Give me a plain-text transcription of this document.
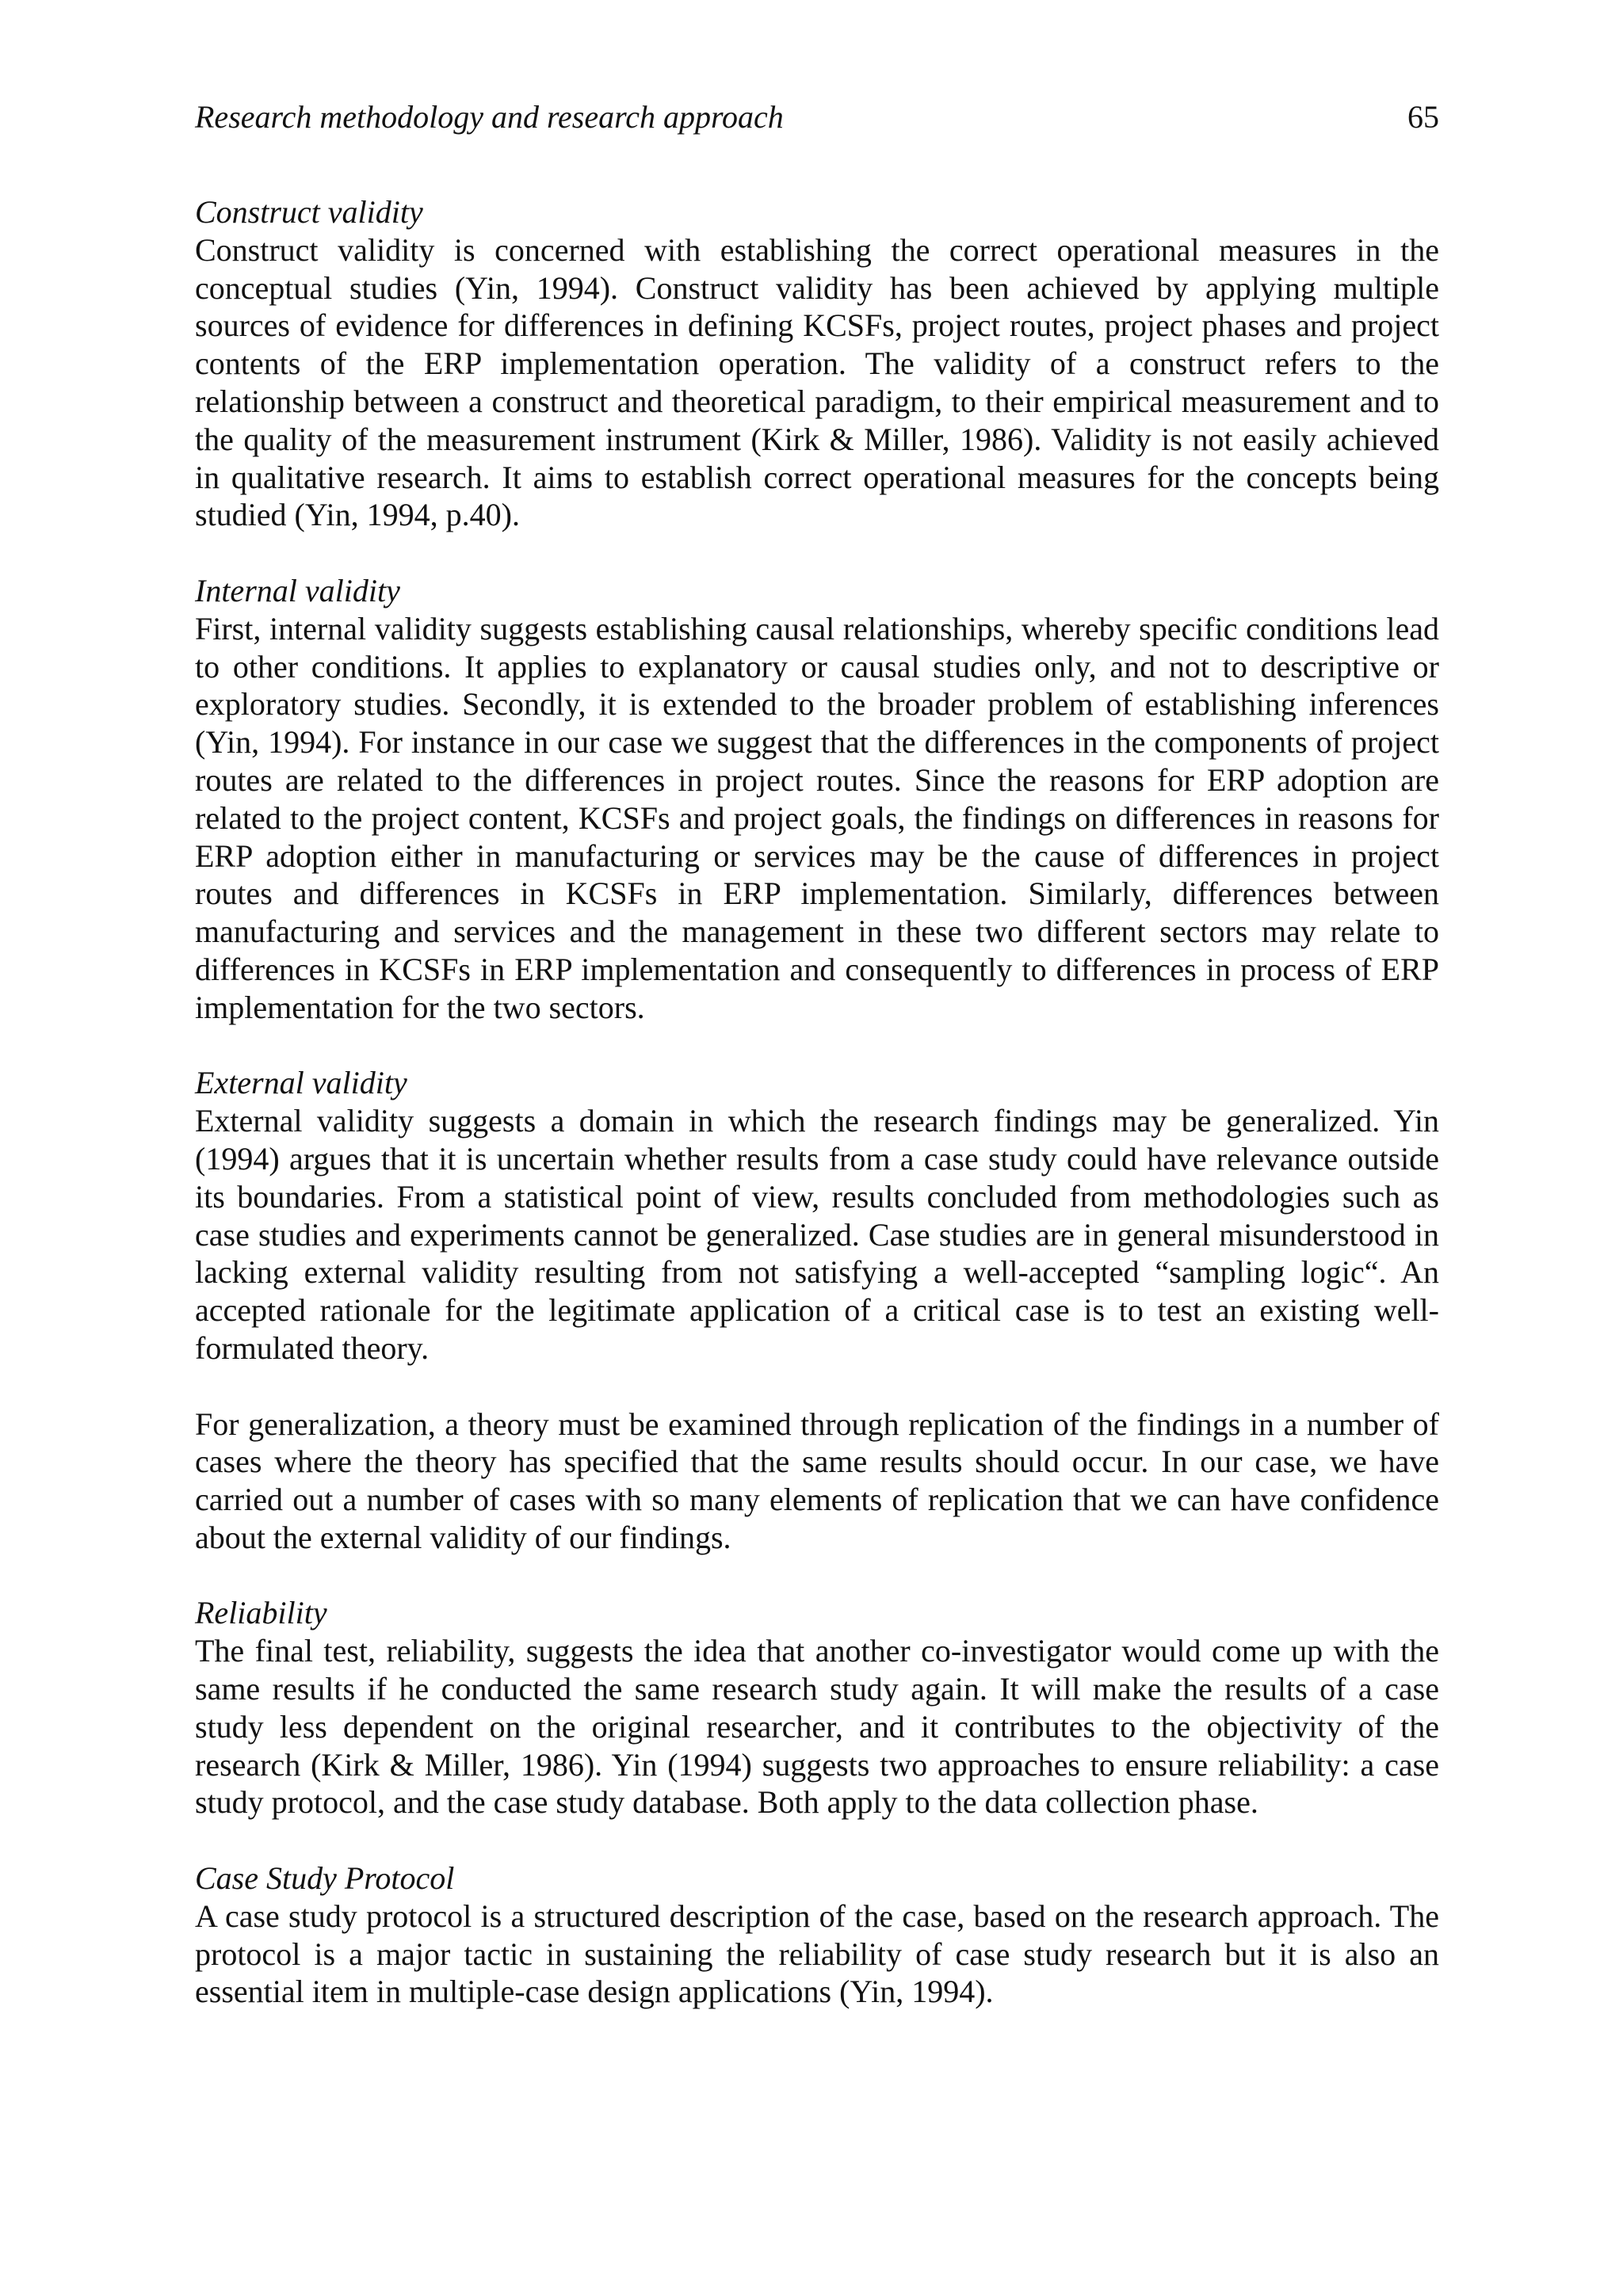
Research methodology and research approach	65
Construct validity

Construct validity is concerned with establishing the correct operational measures in the conceptual studies (Yin, 1994). Construct validity has been achieved by applying multiple sources of evidence for differences in defining KCSFs, project routes, project phases and project contents of the ERP implementation operation. The validity of a construct refers to the relationship between a construct and theoretical paradigm, to their empirical measurement and to the quality of the measurement instrument (Kirk & Miller, 1986). Validity is not easily achieved in qualitative research. It aims to establish correct operational measures for the concepts being studied (Yin, 1994, p.40).

Internal validity

First, internal validity suggests establishing causal relationships, whereby specific conditions lead to other conditions. It applies to explanatory or causal studies only, and not to descriptive or exploratory studies. Secondly, it is extended to the broader problem of establishing inferences (Yin, 1994). For instance in our case we suggest that the differences in the components of project routes are related to the differences in project routes. Since the reasons for ERP adoption are related to the project content, KCSFs and project goals, the findings on differences in reasons for ERP adoption either in manufacturing or services may be the cause of differences in project routes and differences in KCSFs in ERP implementation. Similarly, differences between manufacturing and services and the management in these two different sectors may relate to differences in KCSFs in ERP implementation and consequently to differences in process of ERP implementation for the two sectors.

External validity

External validity suggests a domain in which the research findings may be generalized. Yin (1994) argues that it is uncertain whether results from a case study could have relevance outside its boundaries. From a statistical point of view, results concluded from methodologies such as case studies and experiments cannot be generalized. Case studies are in general misunderstood in lacking external validity resulting from not satisfying a well-accepted “sampling logic“. An accepted rationale for the legitimate application of a critical case is to test an existing well-formulated theory.

For generalization, a theory must be examined through replication of the findings in a number of cases where the theory has specified that the same results should occur. In our case, we have carried out a number of cases with so many elements of replication that we can have confidence about the external validity of our findings.

Reliability

The final test, reliability, suggests the idea that another co-investigator would come up with the same results if he conducted the same research study again. It will make the results of a case study less dependent on the original researcher, and it contributes to the objectivity of the research (Kirk & Miller, 1986). Yin (1994) suggests two approaches to ensure reliability: a case study protocol, and the case study database. Both apply to the data collection phase.

Case Study Protocol

A case study protocol is a structured description of the case, based on the research approach. The protocol is a major tactic in sustaining the reliability of case study research but it is also an essential item in multiple-case design applications (Yin, 1994).
